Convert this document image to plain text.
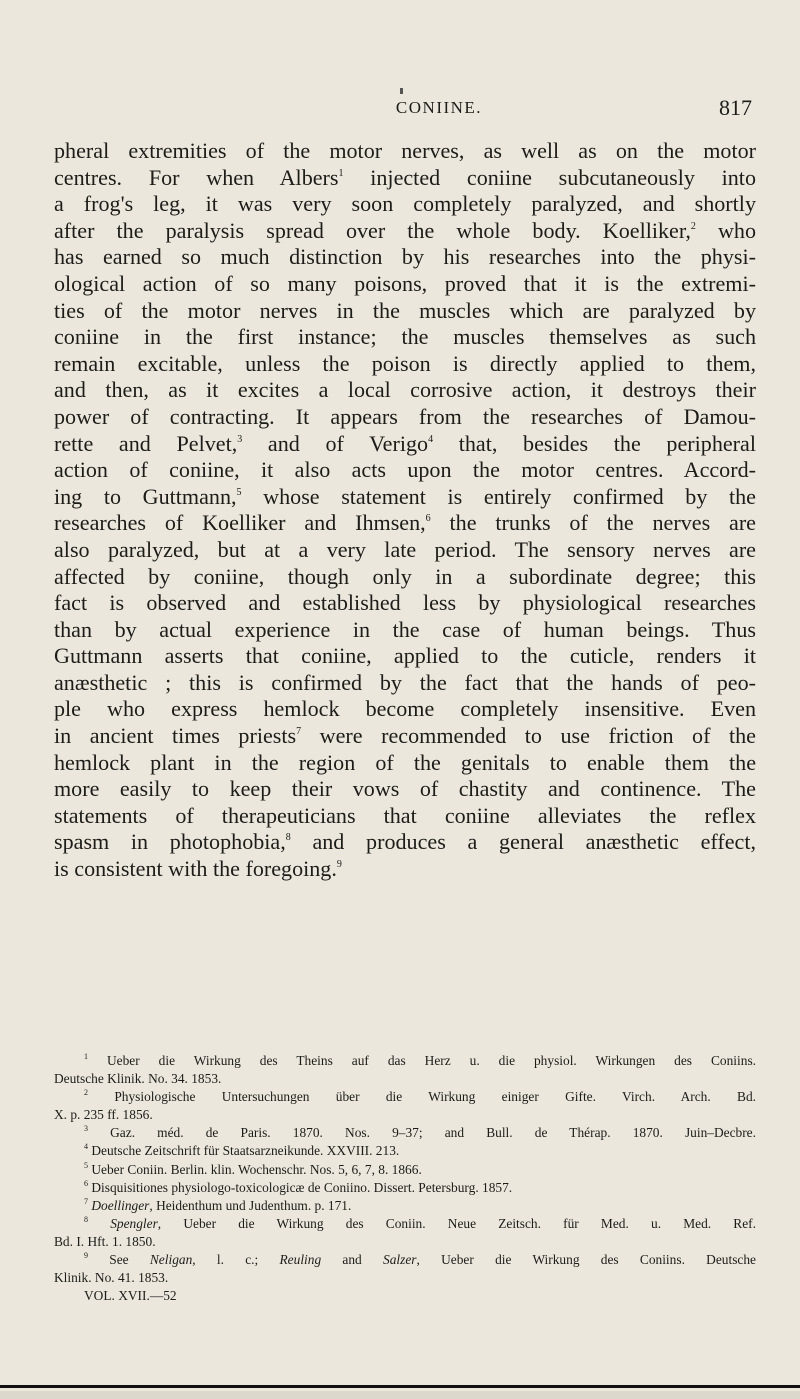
CONIINE.	817
pheral extremities of the motor nerves, as well as on the motor
centres. For when Albers$^1$ injected coniine subcutaneously into
a frog's leg, it was very soon completely paralyzed, and shortly
after the paralysis spread over the whole body. Koelliker,$^2$ who
has earned so much distinction by his researches into the physi-
ological action of so many poisons, proved that it is the extremi-
ties of the motor nerves in the muscles which are paralyzed by
coniine in the first instance; the muscles themselves as such
remain excitable, unless the poison is directly applied to them,
and then, as it excites a local corrosive action, it destroys their
power of contracting. It appears from the researches of Damou-
rette and Pelvet,$^3$ and of Verigo$^4$ that, besides the peripheral
action of coniine, it also acts upon the motor centres. Accord-
ing to Guttmann,$^5$ whose statement is entirely confirmed by the
researches of Koelliker and Ihmsen,$^6$ the trunks of the nerves are
also paralyzed, but at a very late period. The sensory nerves are
affected by coniine, though only in a subordinate degree; this
fact is observed and established less by physiological researches
than by actual experience in the case of human beings. Thus
Guttmann asserts that coniine, applied to the cuticle, renders it
anæsthetic ; this is confirmed by the fact that the hands of peo-
ple who express hemlock become completely insensitive. Even
in ancient times priests$^7$ were recommended to use friction of the
hemlock plant in the region of the genitals to enable them the
more easily to keep their vows of chastity and continence. The
statements of therapeuticians that coniine alleviates the reflex
spasm in photophobia,$^8$ and produces a general anæsthetic effect,
is consistent with the foregoing.$^9$
$^1$ Ueber die Wirkung des Theins auf das Herz u. die physiol. Wirkungen des Coniins.
Deutsche Klinik. No. 34. 1853.
$^2$ Physiologische Untersuchungen über die Wirkung einiger Gifte. Virch. Arch. Bd.
X. p. 235 ff. 1856.
$^3$ Gaz. méd. de Paris. 1870. Nos. 9–37; and Bull. de Thérap. 1870. Juin–Decbre.
$^4$ Deutsche Zeitschrift für Staatsarzneikunde. XXVIII. 213.
$^5$ Ueber Coniin. Berlin. klin. Wochenschr. Nos. 5, 6, 7, 8. 1866.
$^6$ Disquisitiones physiologo-toxicologicæ de Coniino. Dissert. Petersburg. 1857.
$^7$ Doellinger, Heidenthum und Judenthum. p. 171.
$^8$ Spengler, Ueber die Wirkung des Coniin. Neue Zeitsch. für Med. u. Med. Ref.
Bd. I. Hft. 1. 1850.
$^9$ See Neligan, l. c.; Reuling and Salzer, Ueber die Wirkung des Coniins. Deutsche
Klinik. No. 41. 1853.
VOL. XVII.—52
